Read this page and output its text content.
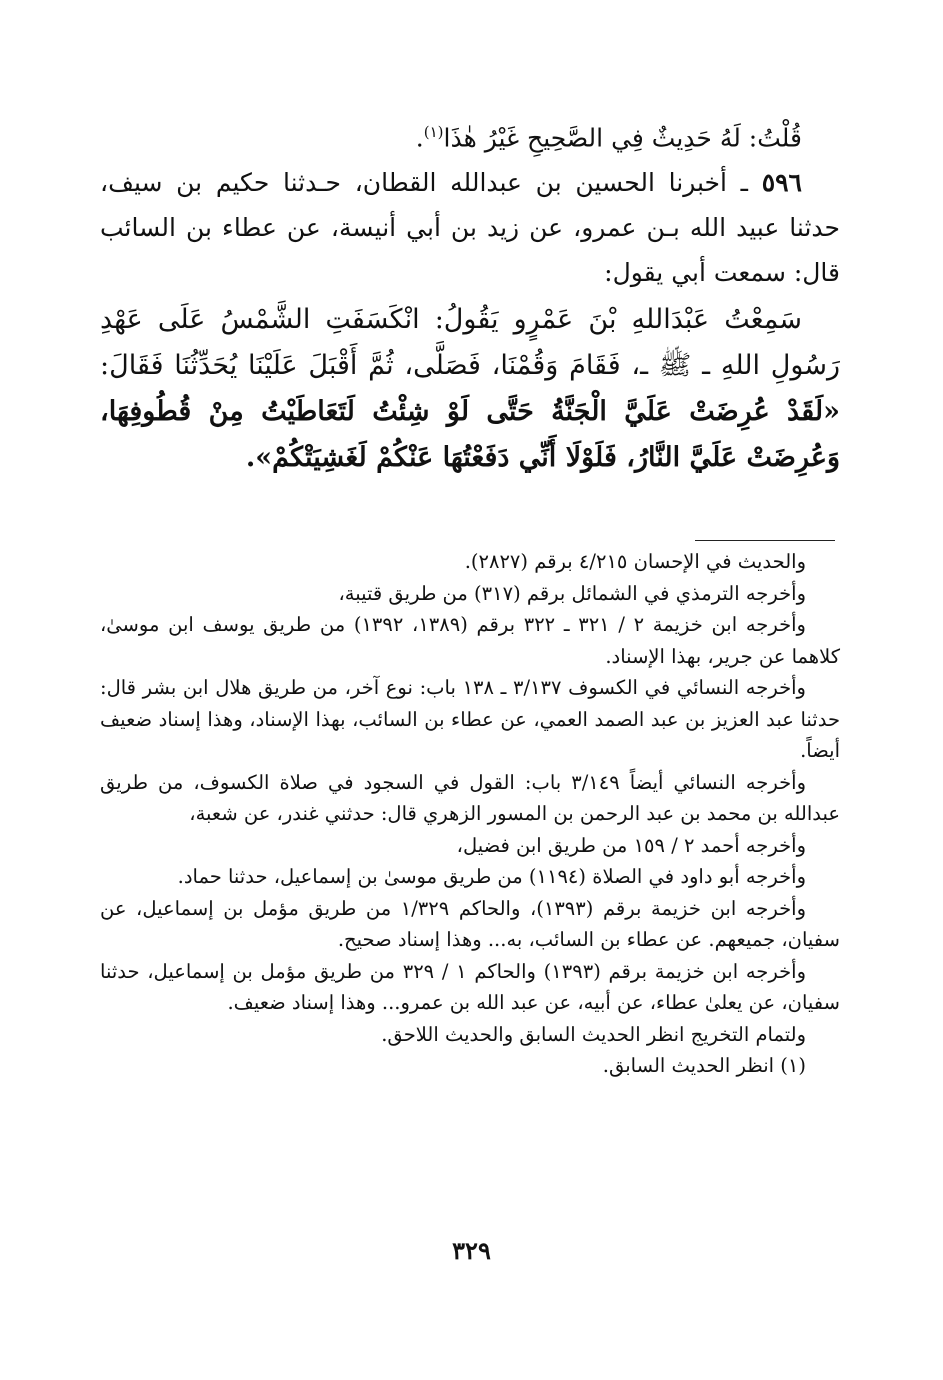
قُلْتُ: لَهُ حَدِيثٌ فِي الصَّحِيحِ غَيْرُ هٰذَا$^{(١)}$.

٥٩٦ ـ أخبرنا الحسين بن عبدالله القطان، حـدثنا حكيم بن سيف، حدثنا عبيد الله بـن عمرو، عن زيد بن أبي أنيسة، عن عطاء بن السائب قال: سمعت أبي يقول:

سَمِعْتُ عَبْدَاللهِ بْنَ عَمْرٍو يَقُولُ: انْكَسَفَتِ الشَّمْسُ عَلَى عَهْدِ رَسُولِ اللهِ ـ ﷺ ـ، فَقَامَ وَقُمْنَا، فَصَلَّى، ثُمَّ أَقْبَلَ عَلَيْنَا يُحَدِّثُنَا فَقَالَ: «لَقَدْ عُرِضَتْ عَلَيَّ الْجَنَّةُ حَتَّى لَوْ شِئْتُ لَتَعَاطَيْتُ مِنْ قُطُوفِهَا، وَعُرِضَتْ عَلَيَّ النَّارُ، فَلَوْلَا أَنِّي دَفَعْتُهَا عَنْكُمْ لَغَشِيَتْكُمْ».

والحديث في الإحسان ٤/٢١٥ برقم (٢٨٢٧).

وأخرجه الترمذي في الشمائل برقم (٣١٧) من طريق قتيبة،

وأخرجه ابن خزيمة ٢ / ٣٢١ ـ ٣٢٢ برقم (١٣٨٩، ١٣٩٢) من طريق يوسف ابن موسىٰ، كلاهما عن جرير، بهذا الإسناد.

وأخرجه النسائي في الكسوف ٣/١٣٧ ـ ١٣٨ باب: نوع آخر، من طريق هلال ابن بشر قال: حدثنا عبد العزيز بن عبد الصمد العمي، عن عطاء بن السائب، بهذا الإسناد، وهذا إسناد ضعيف أيضاً.

وأخرجه النسائي أيضاً ٣/١٤٩ باب: القول في السجود في صلاة الكسوف، من طريق عبدالله بن محمد بن عبد الرحمن بن المسور الزهري قال: حدثني غندر، عن شعبة،

وأخرجه أحمد ٢ / ١٥٩ من طريق ابن فضيل،

وأخرجه أبو داود في الصلاة (١١٩٤) من طريق موسىٰ بن إسماعيل، حدثنا حماد.

وأخرجه ابن خزيمة برقم (١٣٩٣)، والحاكم ١/٣٢٩ من طريق مؤمل بن إسماعيل، عن سفيان، جميعهم. عن عطاء بن السائب، به... وهذا إسناد صحيح.

وأخرجه ابن خزيمة برقم (١٣٩٣) والحاكم ١ / ٣٢٩ من طريق مؤمل بن إسماعيل، حدثنا سفيان، عن يعلىٰ عطاء، عن أبيه، عن عبد الله بن عمرو... وهذا إسناد ضعيف.

ولتمام التخريج انظر الحديث السابق والحديث اللاحق.

(١) انظر الحديث السابق.

٣٢٩
